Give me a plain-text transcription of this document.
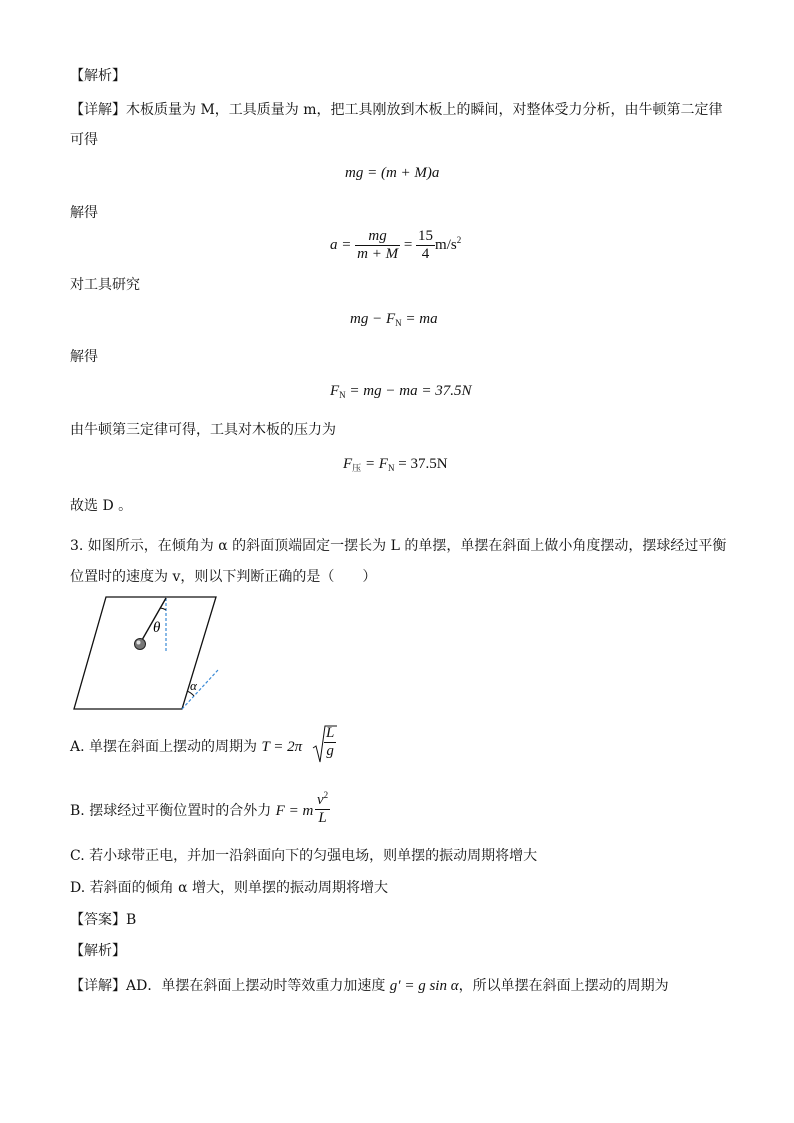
【解析】
【详解】木板质量为 M，工具质量为 m，把工具刚放到木板上的瞬间，对整体受力分析，由牛顿第二定律
可得
mg = (m + M)a
解得
$a = \frac{mg}{m + M} = \frac{15}{4} m/s^2$
对工具研究
mg − $F_N$ = ma
解得
$F_N$ = mg − ma = 37.5N
由牛顿第三定律可得，工具对木板的压力为
$F_压 = F_N = 37.5N$
故选 D 。
3. 如图所示，在倾角为 α 的斜面顶端固定一摆长为 L 的单摆，单摆在斜面上做小角度摆动，摆球经过平衡
位置时的速度为 v，则以下判断正确的是（　　）
θ
α
A. 单摆在斜面上摆动的周期为 $T = 2\pi \frac{L}{g}$
B. 摆球经过平衡位置时的合外力 F = m $\frac{v^2}{L}$
C. 若小球带正电，并加一沿斜面向下的匀强电场，则单摆的振动周期将增大
D. 若斜面的倾角 α 增大，则单摆的振动周期将增大
【答案】B
【解析】
【详解】AD．单摆在斜面上摆动时等效重力加速度 g′ = g sin α，所以单摆在斜面上摆动的周期为
